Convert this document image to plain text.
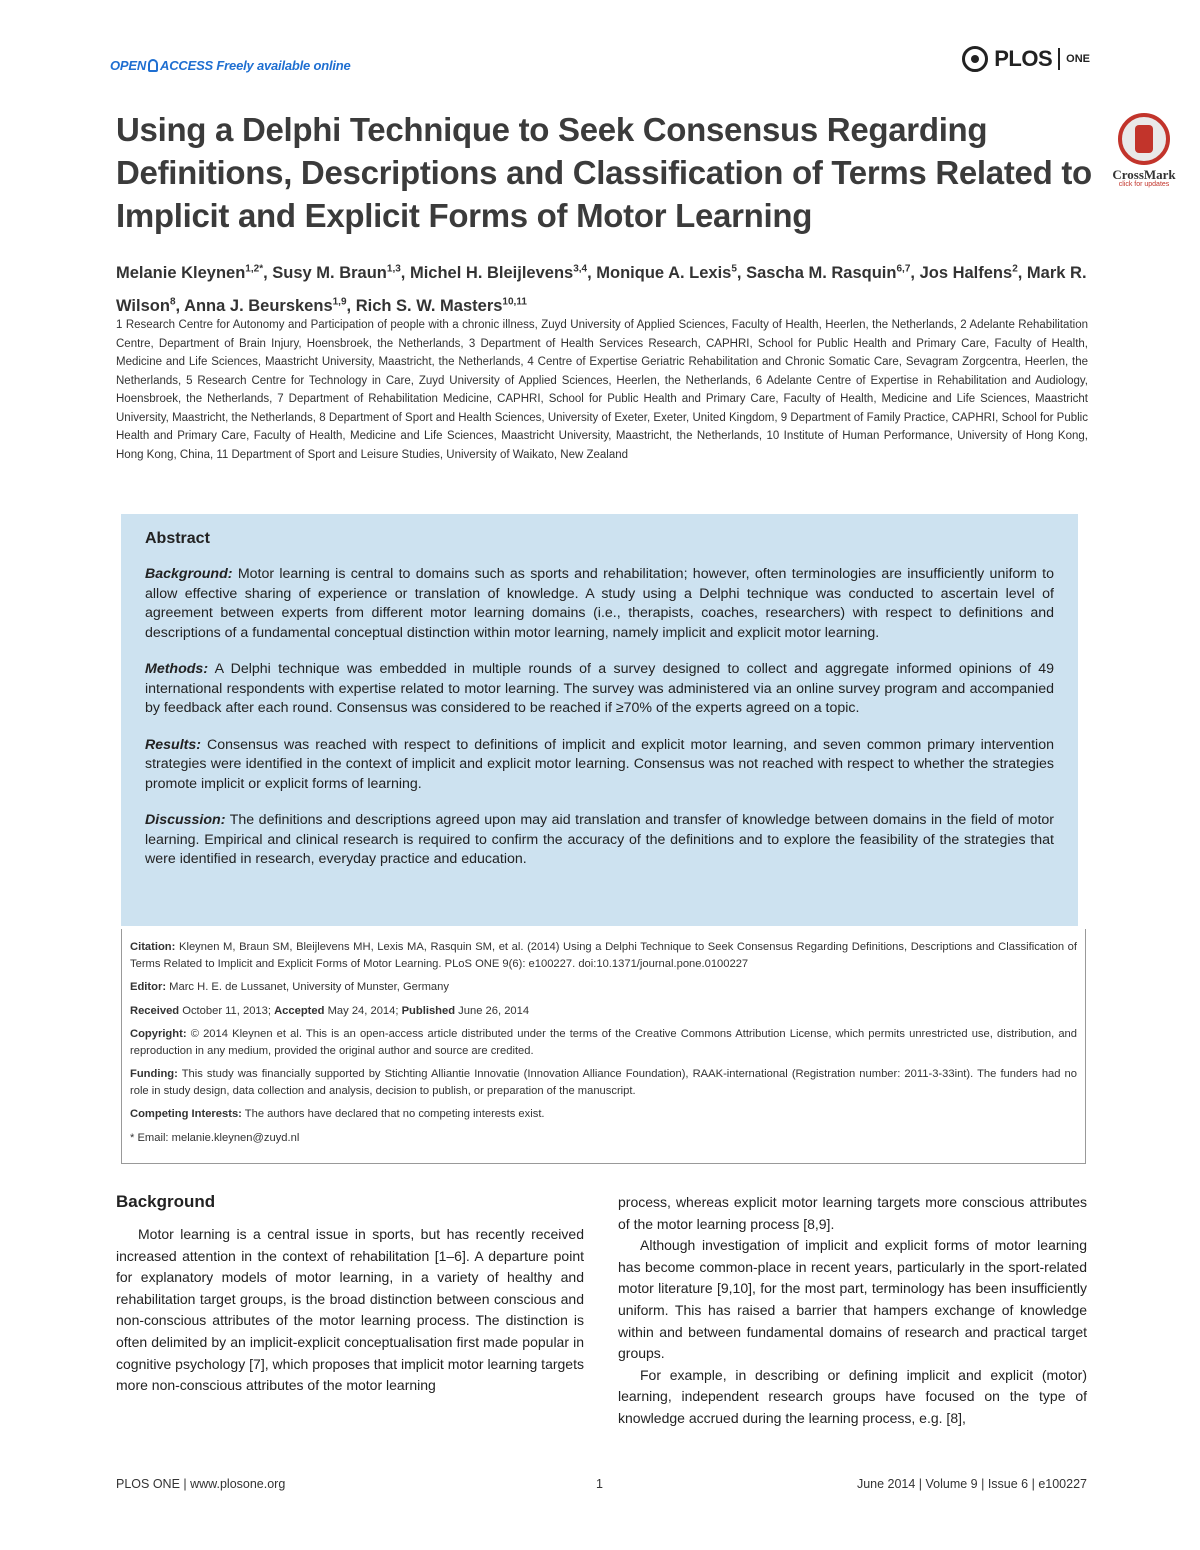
OPEN ACCESS Freely available online	PLOS ONE
Using a Delphi Technique to Seek Consensus Regarding Definitions, Descriptions and Classification of Terms Related to Implicit and Explicit Forms of Motor Learning
CrossMark
click for updates
Melanie Kleynen$^{1,2*}$, Susy M. Braun$^{1,3}$, Michel H. Bleijlevens$^{3,4}$, Monique A. Lexis$^5$, Sascha M. Rasquin$^{6,7}$, Jos Halfens$^2$, Mark R. Wilson$^8$, Anna J. Beurskens$^{1,9}$, Rich S. W. Masters$^{10,11}$
1 Research Centre for Autonomy and Participation of people with a chronic illness, Zuyd University of Applied Sciences, Faculty of Health, Heerlen, the Netherlands, 2 Adelante Rehabilitation Centre, Department of Brain Injury, Hoensbroek, the Netherlands, 3 Department of Health Services Research, CAPHRI, School for Public Health and Primary Care, Faculty of Health, Medicine and Life Sciences, Maastricht University, Maastricht, the Netherlands, 4 Centre of Expertise Geriatric Rehabilitation and Chronic Somatic Care, Sevagram Zorgcentra, Heerlen, the Netherlands, 5 Research Centre for Technology in Care, Zuyd University of Applied Sciences, Heerlen, the Netherlands, 6 Adelante Centre of Expertise in Rehabilitation and Audiology, Hoensbroek, the Netherlands, 7 Department of Rehabilitation Medicine, CAPHRI, School for Public Health and Primary Care, Faculty of Health, Medicine and Life Sciences, Maastricht University, Maastricht, the Netherlands, 8 Department of Sport and Health Sciences, University of Exeter, Exeter, United Kingdom, 9 Department of Family Practice, CAPHRI, School for Public Health and Primary Care, Faculty of Health, Medicine and Life Sciences, Maastricht University, Maastricht, the Netherlands, 10 Institute of Human Performance, University of Hong Kong, Hong Kong, China, 11 Department of Sport and Leisure Studies, University of Waikato, New Zealand
Abstract

Background: Motor learning is central to domains such as sports and rehabilitation; however, often terminologies are insufficiently uniform to allow effective sharing of experience or translation of knowledge. A study using a Delphi technique was conducted to ascertain level of agreement between experts from different motor learning domains (i.e., therapists, coaches, researchers) with respect to definitions and descriptions of a fundamental conceptual distinction within motor learning, namely implicit and explicit motor learning.

Methods: A Delphi technique was embedded in multiple rounds of a survey designed to collect and aggregate informed opinions of 49 international respondents with expertise related to motor learning. The survey was administered via an online survey program and accompanied by feedback after each round. Consensus was considered to be reached if ≥70% of the experts agreed on a topic.

Results: Consensus was reached with respect to definitions of implicit and explicit motor learning, and seven common primary intervention strategies were identified in the context of implicit and explicit motor learning. Consensus was not reached with respect to whether the strategies promote implicit or explicit forms of learning.

Discussion: The definitions and descriptions agreed upon may aid translation and transfer of knowledge between domains in the field of motor learning. Empirical and clinical research is required to confirm the accuracy of the definitions and to explore the feasibility of the strategies that were identified in research, everyday practice and education.

Citation: Kleynen M, Braun SM, Bleijlevens MH, Lexis MA, Rasquin SM, et al. (2014) Using a Delphi Technique to Seek Consensus Regarding Definitions, Descriptions and Classification of Terms Related to Implicit and Explicit Forms of Motor Learning. PLoS ONE 9(6): e100227. doi:10.1371/journal.pone.0100227
Editor: Marc H. E. de Lussanet, University of Munster, Germany
Received October 11, 2013; Accepted May 24, 2014; Published June 26, 2014
Copyright: © 2014 Kleynen et al. This is an open-access article distributed under the terms of the Creative Commons Attribution License, which permits unrestricted use, distribution, and reproduction in any medium, provided the original author and source are credited.
Funding: This study was financially supported by Stichting Alliantie Innovatie (Innovation Alliance Foundation), RAAK-international (Registration number: 2011-3-33int). The funders had no role in study design, data collection and analysis, decision to publish, or preparation of the manuscript.
Competing Interests: The authors have declared that no competing interests exist.
* Email: melanie.kleynen@zuyd.nl
Background

Motor learning is a central issue in sports, but has recently received increased attention in the context of rehabilitation [1–6]. A departure point for explanatory models of motor learning, in a variety of healthy and rehabilitation target groups, is the broad distinction between conscious and non-conscious attributes of the motor learning process. The distinction is often delimited by an implicit-explicit conceptualisation first made popular in cognitive psychology [7], which proposes that implicit motor learning targets more non-conscious attributes of the motor learning

process, whereas explicit motor learning targets more conscious attributes of the motor learning process [8,9].

Although investigation of implicit and explicit forms of motor learning has become common-place in recent years, particularly in the sport-related motor literature [9,10], for the most part, terminology has been insufficiently uniform. This has raised a barrier that hampers exchange of knowledge within and between fundamental domains of research and practical target groups.

For example, in describing or defining implicit and explicit (motor) learning, independent research groups have focused on the type of knowledge accrued during the learning process, e.g. [8],

PLOS ONE | www.plosone.org	1	June 2014 | Volume 9 | Issue 6 | e100227
